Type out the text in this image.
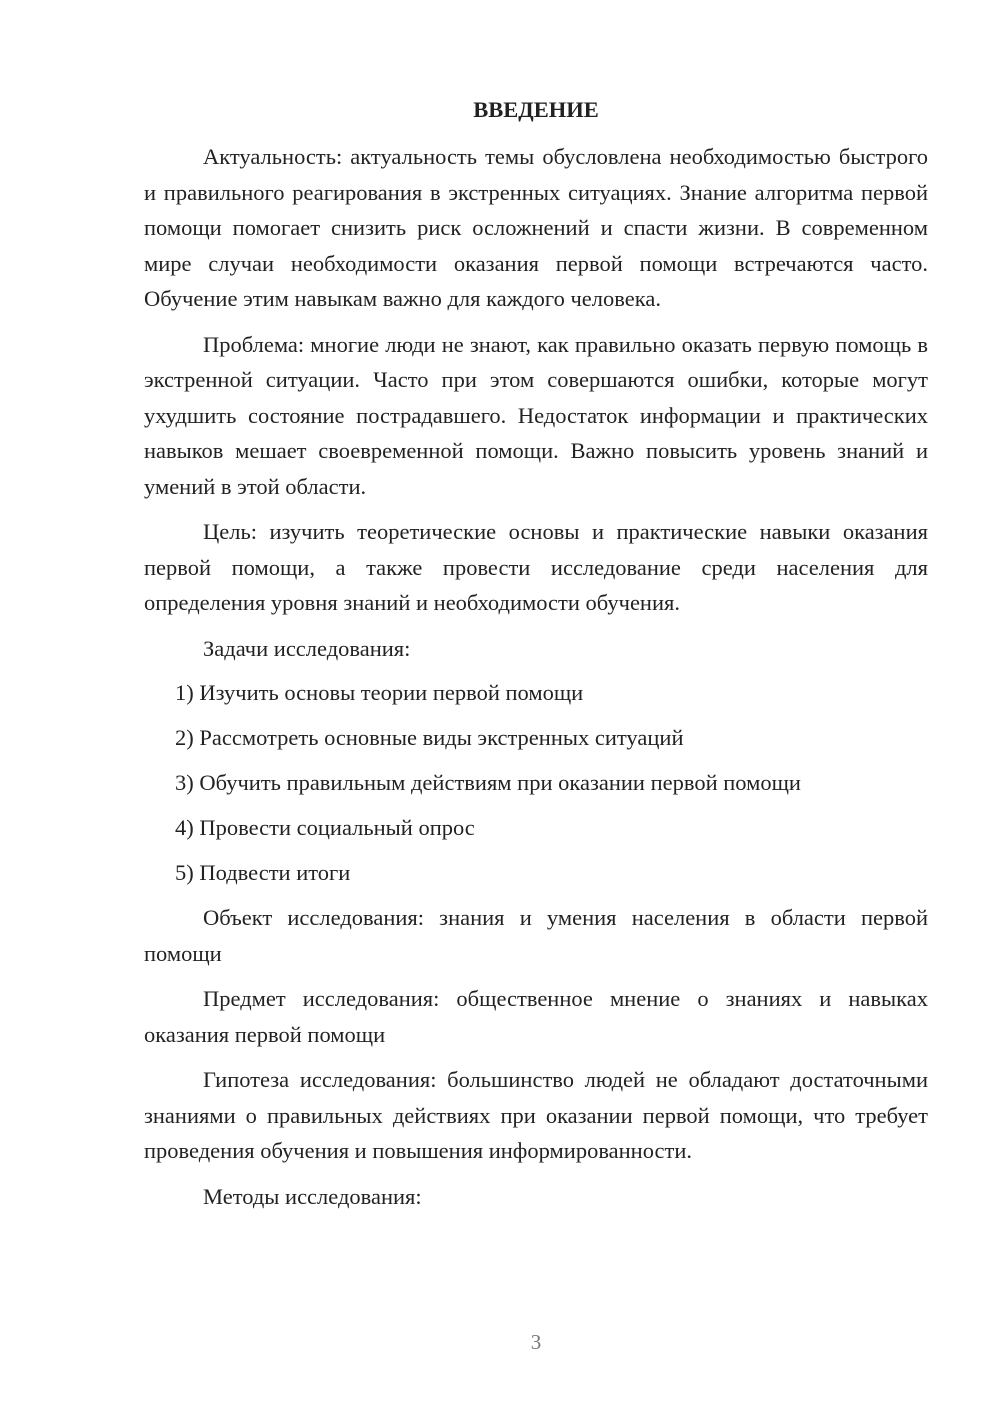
ВВЕДЕНИЕ

Актуальность: актуальность темы обусловлена необходимостью быстрого и правильного реагирования в экстренных ситуациях. Знание алгоритма первой помощи помогает снизить риск осложнений и спасти жизни. В современном мире случаи необходимости оказания первой помощи встречаются часто. Обучение этим навыкам важно для каждого человека.

Проблема: многие люди не знают, как правильно оказать первую помощь в экстренной ситуации. Часто при этом совершаются ошибки, которые могут ухудшить состояние пострадавшего. Недостаток информации и практических навыков мешает своевременной помощи. Важно повысить уровень знаний и умений в этой области.

Цель: изучить теоретические основы и практические навыки оказания первой помощи, а также провести исследование среди населения для определения уровня знаний и необходимости обучения.

Задачи исследования:

1) Изучить основы теории первой помощи
2) Рассмотреть основные виды экстренных ситуаций
3) Обучить правильным действиям при оказании первой помощи
4) Провести социальный опрос
5) Подвести итоги

Объект исследования: знания и умения населения в области первой помощи

Предмет исследования: общественное мнение о знаниях и навыках оказания первой помощи

Гипотеза исследования: большинство людей не обладают достаточными знаниями о правильных действиях при оказании первой помощи, что требует проведения обучения и повышения информированности.

Методы исследования:

3
